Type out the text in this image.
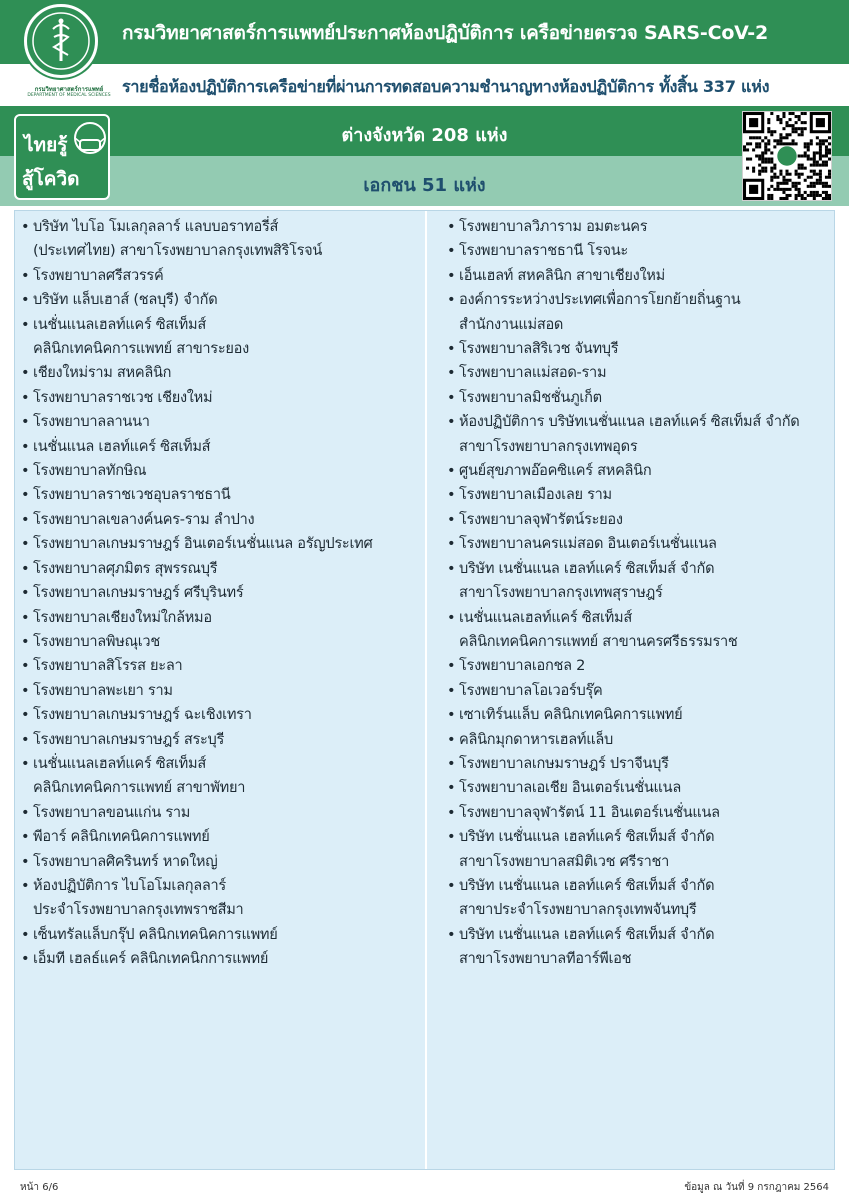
กรมวิทยาศาสตร์การแพทย์
DEPARTMENT OF MEDICAL SCIENCES
กรมวิทยาศาสตร์การแพทย์ประกาศห้องปฏิบัติการ เครือข่ายตรวจ SARS-CoV-2
รายชื่อห้องปฏิบัติการเครือข่ายที่ผ่านการทดสอบความชำนาญทางห้องปฏิบัติการ ทั้งสิ้น 337 แห่ง
ต่างจังหวัด 208 แห่ง
เอกชน 51 แห่ง
ไทยรู้
สู้โควิด
• บริษัท ไบโอ โมเลกุลลาร์ แลบบอราทอรี่ส์
(ประเทศไทย) สาขาโรงพยาบาลกรุงเทพสิริโรจน์
• โรงพยาบาลศรีสวรรค์
• บริษัท แล็บเฮาส์ (ชลบุรี) จำกัด
• เนชั่นแนลเฮลท์แคร์ ซิสเท็มส์
คลินิกเทคนิคการแพทย์ สาขาระยอง
• เชียงใหม่ราม สหคลินิก
• โรงพยาบาลราชเวช เชียงใหม่
• โรงพยาบาลลานนา
• เนชั่นแนล เฮลท์แคร์ ซิสเท็มส์
• โรงพยาบาลทักษิณ
• โรงพยาบาลราชเวชอุบลราชธานี
• โรงพยาบาลเขลางค์นคร-ราม ลำปาง
• โรงพยาบาลเกษมราษฎร์ อินเตอร์เนชั่นแนล อรัญประเทศ
• โรงพยาบาลศุภมิตร สุพรรณบุรี
• โรงพยาบาลเกษมราษฎร์ ศรีบุรินทร์
• โรงพยาบาลเชียงใหม่ใกล้หมอ
• โรงพยาบาลพิษณุเวช
• โรงพยาบาลสิโรรส ยะลา
• โรงพยาบาลพะเยา ราม
• โรงพยาบาลเกษมราษฎร์ ฉะเชิงเทรา
• โรงพยาบาลเกษมราษฎร์ สระบุรี
• เนชั่นแนลเฮลท์แคร์ ซิสเท็มส์
คลินิกเทคนิคการแพทย์ สาขาพัทยา
• โรงพยาบาลขอนแก่น ราม
• พีอาร์ คลินิกเทคนิคการแพทย์
• โรงพยาบาลศิครินทร์ หาดใหญ่
• ห้องปฏิบัติการ ไบโอโมเลกุลลาร์
ประจำโรงพยาบาลกรุงเทพราชสีมา
• เซ็นทรัลแล็บกรุ๊ป คลินิกเทคนิคการแพทย์
• เอ็มที เฮลธ์แคร์ คลินิกเทคนิกการแพทย์
• โรงพยาบาลวิภาราม อมตะนคร
• โรงพยาบาลราชธานี โรจนะ
• เอ็นเฮลท์ สหคลินิก สาขาเชียงใหม่
• องค์การระหว่างประเทศเพื่อการโยกย้ายถิ่นฐาน
สำนักงานแม่สอด
• โรงพยาบาลสิริเวช จันทบุรี
• โรงพยาบาลแม่สอด-ราม
• โรงพยาบาลมิชชั่นภูเก็ต
• ห้องปฏิบัติการ บริษัทเนชั่นแนล เฮลท์แคร์ ซิสเท็มส์ จำกัด
สาขาโรงพยาบาลกรุงเทพอุดร
• ศูนย์สุขภาพอ๊อคซิแคร์ สหคลินิก
• โรงพยาบาลเมืองเลย ราม
• โรงพยาบาลจุฬารัตน์ระยอง
• โรงพยาบาลนครแม่สอด อินเตอร์เนชั่นแนล
• บริษัท เนชั่นแนล เฮลท์แคร์ ซิสเท็มส์ จำกัด
สาขาโรงพยาบาลกรุงเทพสุราษฎร์
• เนชั่นแนลเฮลท์แคร์ ซิสเท็มส์
คลินิกเทคนิคการแพทย์ สาขานครศรีธรรมราช
• โรงพยาบาลเอกชล 2
• โรงพยาบาลโอเวอร์บรุ๊ค
• เซาเทิร์นแล็บ คลินิกเทคนิคการแพทย์
• คลินิกมุกดาหารเฮลท์แล็บ
• โรงพยาบาลเกษมราษฎร์ ปราจีนบุรี
• โรงพยาบาลเอเชีย อินเตอร์เนชั่นแนล
• โรงพยาบาลจุฬารัตน์ 11 อินเตอร์เนชั่นแนล
• บริษัท เนชั่นแนล เฮลท์แคร์ ซิสเท็มส์ จำกัด
สาขาโรงพยาบาลสมิติเวช ศรีราชา
• บริษัท เนชั่นแนล เฮลท์แคร์ ซิสเท็มส์ จำกัด
สาขาประจำโรงพยาบาลกรุงเทพจันทบุรี
• บริษัท เนชั่นแนล เฮลท์แคร์ ซิสเท็มส์ จำกัด
สาขาโรงพยาบาลทีอาร์พีเอช
หน้า 6/6	ข้อมูล ณ วันที่ 9 กรกฎาคม 2564
